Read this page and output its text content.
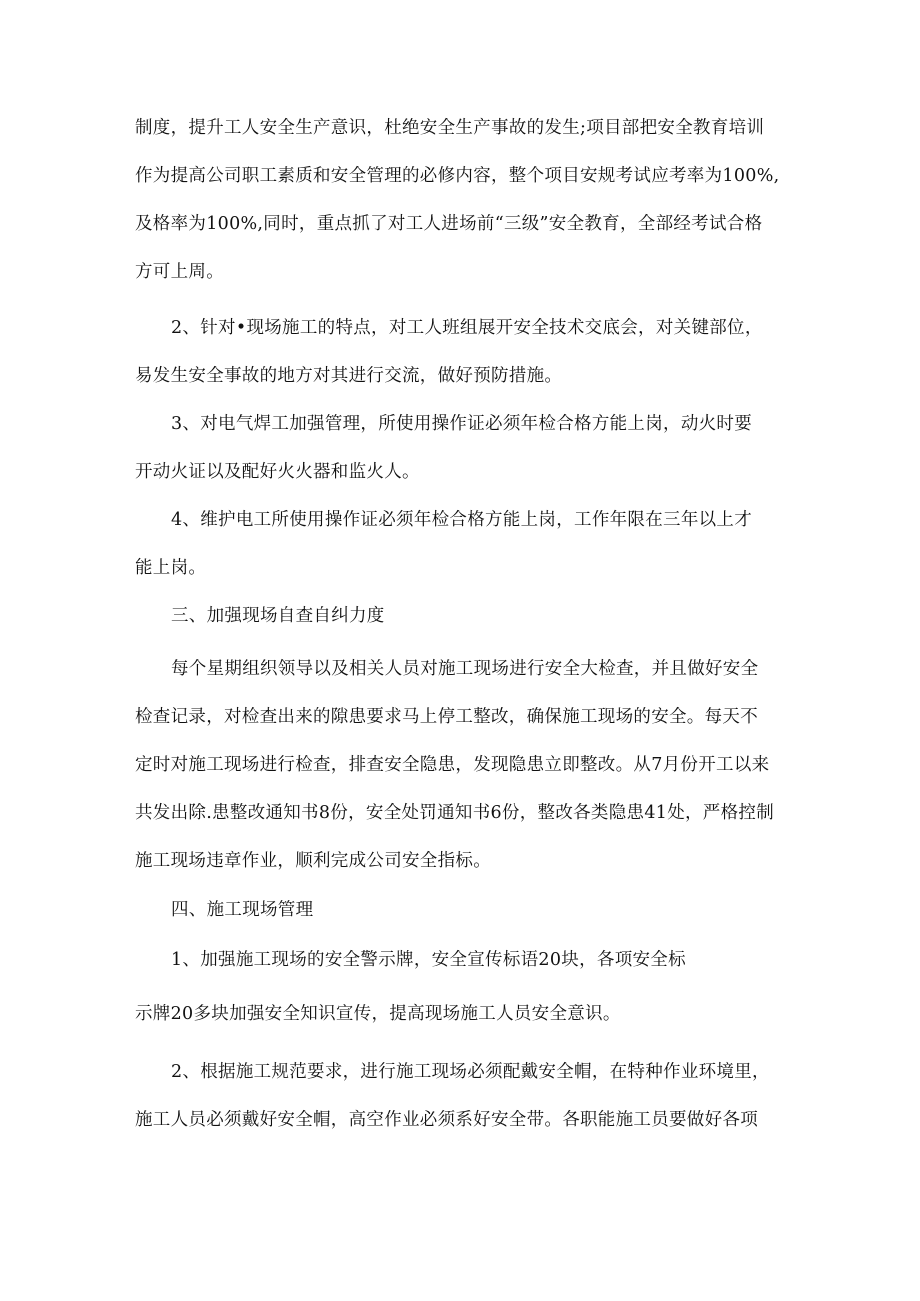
制度，提升工人安全生产意识，杜绝安全生产事故的发生;项目部把安全教育培训
作为提高公司职工素质和安全管理的必修内容，整个项目安规考试应考率为100%,
及格率为100%,同时，重点抓了对工人进场前“三级”安全教育，全部经考试合格
方可上周。
2、针对•现场施工的特点，对工人班组展开安全技术交底会，对关键部位，
易发生安全事故的地方对其进行交流，做好预防措施。
3、对电气焊工加强管理，所使用操作证必须年检合格方能上岗，动火时要
开动火证以及配好火火器和监火人。
4、维护电工所使用操作证必须年检合格方能上岗，工作年限在三年以上才
能上岗。
三、加强现场自查自纠力度
每个星期组织领导以及相关人员对施工现场进行安全大检查，并且做好安全
检查记录，对检查出来的隙患要求马上停工整改，确保施工现场的安全。每天不
定时对施工现场进行检查，排查安全隐患，发现隐患立即整改。从7月份开工以来
共发出除.患整改通知书8份，安全处罚通知书6份，整改各类隐患41处，严格控制
施工现场违章作业，顺利完成公司安全指标。
四、施工现场管理
1、加强施工现场的安全警示牌，安全宣传标语20块，各项安全标
示牌20多块加强安全知识宣传，提高现场施工人员安全意识。
2、根据施工规范要求，进行施工现场必须配戴安全帽，在特种作业环境里，
施工人员必须戴好安全帽，高空作业必须系好安全带。各职能施工员要做好各项
